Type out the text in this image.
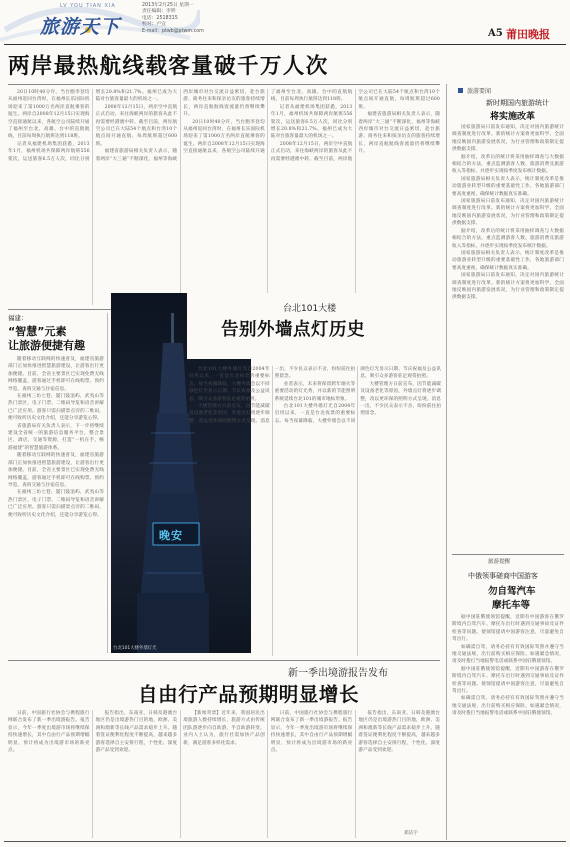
LV YOU TIAN XIA
旅游天下
2013年2月25日 星期一
责任编辑：李明
电话：2518315
校对：卢宜
E-mail：ptwb@ptwm.com	A5 莆田晚报
两岸最热航线载客量破千万人次

20日10时40分许，当台胞李登均从福州返回台湾时，在福州长乐国际机场迎来了第1000万名两岸直航乘客的诞生。两岸自2008年12月15日实现海空直接通航以来，各航空公司陆续开通了福州至台北、高雄、台中的直航航线，目前每周执行航班达到118班。

记者从福建机场集团获悉，2013年1月，福州机场共保障两岸航班556架次，运送旅客6.5万人次，同比分别增长20.8%和21.7%。福州已成为大陆对台旅客量最大的机场之一。

2008年12月15日，两岸空中直航正式启动，来往海峡两岸的旅客从此不再需要经港澳中转。截至目前，两岸航空公司已在大陆54个航点和台湾10个航点间开通直航，每周航班超过600班。

福建省旅游局相关负责人表示，随着两岸“大三通”不断深化，福州等海峡西岸城市对台交流日益密切，赴台旅游、商务往来和探亲访友的旅客持续增长，两岸直航航线客流量仍将继续攀升。

20日10时40分许，当台胞李登均从福州返回台湾时，在福州长乐国际机场迎来了第1000万名两岸直航乘客的诞生。两岸自2008年12月15日实现海空直接通航以来，各航空公司陆续开通了福州至台北、高雄、台中的直航航线，目前每周执行航班达到118班。

记者从福建机场集团获悉，2013年1月，福州机场共保障两岸航班556架次，运送旅客6.5万人次，同比分别增长20.8%和21.7%。福州已成为大陆对台旅客量最大的机场之一。

2008年12月15日，两岸空中直航正式启动，来往海峡两岸的旅客从此不再需要经港澳中转。截至目前，两岸航空公司已在大陆54个航点和台湾10个航点间开通直航，每周航班超过600班。

福建省旅游局相关负责人表示，随着两岸“大三通”不断深化，福州等海峡西岸城市对台交流日益密切，赴台旅游、商务往来和探亲访友的旅客持续增长，两岸直航航线客流量仍将继续攀升。

福建：
“智慧”元素
让旅游便捷有趣

随着移动互联网的快速普及，福建省旅游部门正加快推进智慧旅游建设，让游客出行更加便捷。目前，全省主要景区已实现免费无线网络覆盖，游客通过手机即可在线购票、预约导览、查询交通与住宿信息。

在福州三坊七巷、厦门鼓浪屿、武夷山等热门景区，电子门票、二维码导览和语音讲解已广泛应用。游客只需扫描景点旁的二维码，便可收听历史文化介绍，还能分享游览心得。

省旅游局有关负责人表示，下一步将继续建设全省统一的旅游信息服务平台，整合景区、酒店、交通等资源，打造“一机在手、畅游福建”的智慧旅游体系。

随着移动互联网的快速普及，福建省旅游部门正加快推进智慧旅游建设，让游客出行更加便捷。目前，全省主要景区已实现免费无线网络覆盖，游客通过手机即可在线购票、预约导览、查询交通与住宿信息。

在福州三坊七巷、厦门鼓浪屿、武夷山等热门景区，电子门票、二维码导览和语音讲解已广泛应用。游客只需扫描景点旁的二维码，便可收听历史文化介绍，还能分享游览心得。

晚安
台北101大楼
告别外墙点灯历史

台北101大楼外墙灯光自2004年启用以来，一直是台北夜景的重要标志。每当夜幕降临，大楼外墙会以不同颜色灯光显示日期、节庆祝福及公益讯息，吸引众多游客驻足观赏拍照。

大楼管理方日前宣布，因节能减碳及设备老化等原因，外墙点灯将逐步调整，改以更环保的照明方式呈现。消息一出，不少民众表示不舍，纷纷前往拍照留念。

业者表示，未来将保留跨年烟火等重要活动的灯光秀，并以新的节能照明系统延续台北101的城市地标形象。

台北101大楼外墙灯光自2004年启用以来，一直是台北夜景的重要标志。每当夜幕降临，大楼外墙会以不同颜色灯光显示日期、节庆祝福及公益讯息，吸引众多游客驻足观赏拍照。

大楼管理方日前宣布，因节能减碳及设备老化等原因，外墙点灯将逐步调整，改以更环保的照明方式呈现。消息一出，不少民众表示不舍，纷纷前往拍照留念。

台北101大楼外墙灯光
新一季出境游报告发布
自由行产品预期明显增长

日前，中国旅行社协会与携程旅行网联合发布了新一季出境游报告。报告显示，今年一季度出境游市场将继续保持快速增长，其中自由行产品预期增幅明显，预计将成为出境游市场的新亮点。

报告指出，东南亚、日韩及港澳台地区仍是出境游热门目的地，欧洲、美洲和澳新等长线产品需求稳步上升。随着签证便利化程度不断提高，越来越多游客选择自主安排行程，个性化、深度游产品受到欢迎。

【新闻背景】近年来，我国居民出境旅游人数持续增长，旅游方式由传统团队游逐步向自助游、半自助游转变。业内人士认为，旅行社需加快产品创新，满足游客多样化需求。

日前，中国旅行社协会与携程旅行网联合发布了新一季出境游报告。报告显示，今年一季度出境游市场将继续保持快速增长，其中自由行产品预期增幅明显，预计将成为出境游市场的新亮点。

报告指出，东南亚、日韩及港澳台地区仍是出境游热门目的地，欧洲、美洲和澳新等长线产品需求稳步上升。随着签证便利化程度不断提高，越来越多游客选择自主安排行程，个性化、深度游产品受到欢迎。

郑洁宇
旅游要闻
新时期国内旅游统计
将实施改革

国家旅游局日前发布通知，决定对国内旅游统计调查制度进行改革。新的统计方案将更加科学、全面地反映国内旅游发展状况，为行业管理和政策制定提供数据支撑。

据介绍，改革后的统计将采用抽样调查与大数据相结合的方法，重点监测游客人数、旅游消费及旅游收入等指标，并逐步实现按季度发布统计数据。

国家旅游局相关负责人表示，统计制度改革是推动旅游业转型升级的重要基础性工作，各地旅游部门要高度重视，确保统计数据真实准确。

国家旅游局日前发布通知，决定对国内旅游统计调查制度进行改革。新的统计方案将更加科学、全面地反映国内旅游发展状况，为行业管理和政策制定提供数据支撑。

据介绍，改革后的统计将采用抽样调查与大数据相结合的方法，重点监测游客人数、旅游消费及旅游收入等指标，并逐步实现按季度发布统计数据。

国家旅游局相关负责人表示，统计制度改革是推动旅游业转型升级的重要基础性工作，各地旅游部门要高度重视，确保统计数据真实准确。

国家旅游局日前发布通知，决定对国内旅游统计调查制度进行改革。新的统计方案将更加科学、全面地反映国内旅游发展状况，为行业管理和政策制定提供数据支撑。

旅游提醒
中俄领事磋商中国游客
勿自驾汽车
摩托车等

据中国驻俄使领馆提醒，近期有中国游客在俄罗斯境内自驾汽车、摩托车出行时遇到交通事故及证件检查等问题。使领馆提请中国游客注意，尽量避免自驾出行。

如确需自驾，请务必持有有效国际驾照并遵守当地交通法规，出行前购买相应保险。如遇紧急情况，请及时拨打当地报警电话或联系中国驻俄使领馆。

据中国驻俄使领馆提醒，近期有中国游客在俄罗斯境内自驾汽车、摩托车出行时遇到交通事故及证件检查等问题。使领馆提请中国游客注意，尽量避免自驾出行。

如确需自驾，请务必持有有效国际驾照并遵守当地交通法规，出行前购买相应保险。如遇紧急情况，请及时拨打当地报警电话或联系中国驻俄使领馆。
